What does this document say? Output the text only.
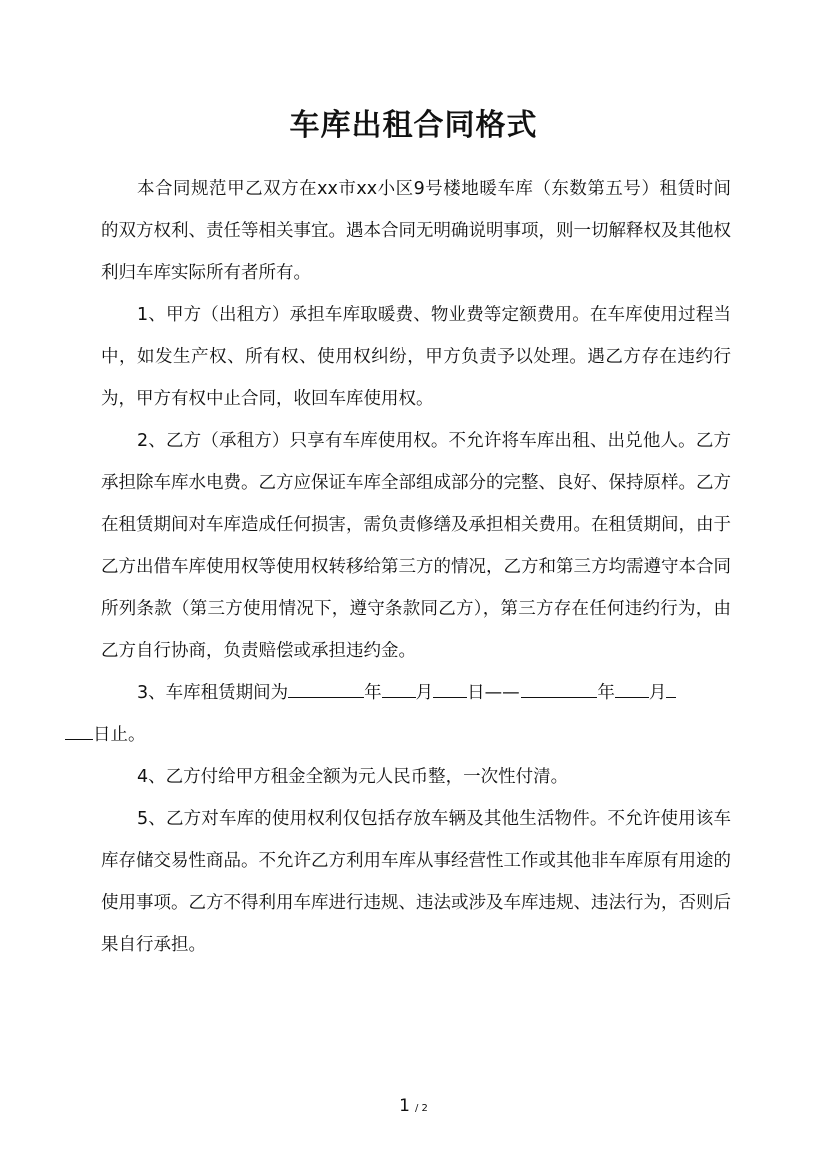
车库出租合同格式

本合同规范甲乙双方在xx市xx小区9号楼地暖车库（东数第五号）租赁时间的双方权利、责任等相关事宜。遇本合同无明确说明事项，则一切解释权及其他权利归车库实际所有者所有。

1、甲方（出租方）承担车库取暖费、物业费等定额费用。在车库使用过程当中，如发生产权、所有权、使用权纠纷，甲方负责予以处理。遇乙方存在违约行为，甲方有权中止合同，收回车库使用权。

2、乙方（承租方）只享有车库使用权。不允许将车库出租、出兑他人。乙方承担除车库水电费。乙方应保证车库全部组成部分的完整、良好、保持原样。乙方在租赁期间对车库造成任何损害，需负责修缮及承担相关费用。在租赁期间，由于乙方出借车库使用权等使用权转移给第三方的情况，乙方和第三方均需遵守本合同所列条款（第三方使用情况下，遵守条款同乙方），第三方存在任何违约行为，由乙方自行协商，负责赔偿或承担违约金。

3、车库租赁期间为	年 月 日—— 	年 月
日止。

4、乙方付给甲方租金全额为元人民币整，一次性付清。

5、乙方对车库的使用权利仅包括存放车辆及其他生活物件。不允许使用该车库存储交易性商品。不允许乙方利用车库从事经营性工作或其他非车库原有用途的使用事项。乙方不得利用车库进行违规、违法或涉及车库违规、违法行为，否则后果自行承担。

1 / 2
